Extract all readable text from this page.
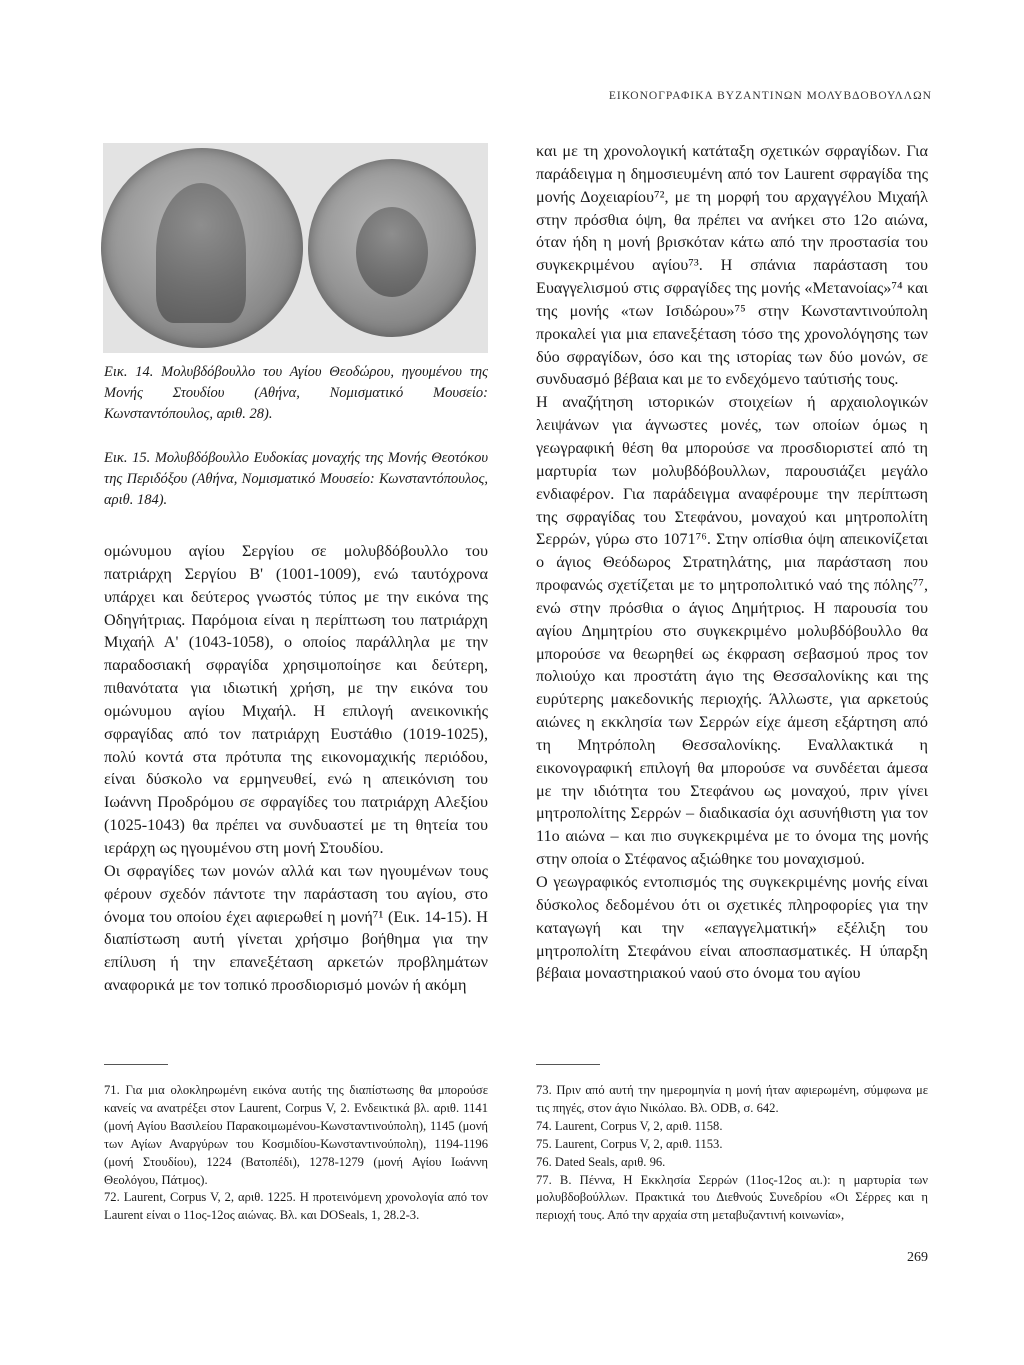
ΕΙΚΟΝΟΓΡΑΦΙΚΑ ΒΥΖΑΝΤΙΝΩΝ ΜΟΛΥΒΔΟΒΟΥΛΛΩΝ

Εικ. 14. Μολυβδόβουλλο του Αγίου Θεοδώρου, ηγουμένου της Μονής Στουδίου (Αθήνα, Νομισματικό Μουσείο: Κωνσταντόπουλος, αριθ. 28).

Εικ. 15. Μολυβδόβουλλο Ευδοκίας μοναχής της Μονής Θεοτόκου της Περιδόξου (Αθήνα, Νομισματικό Μουσείο: Κωνσταντόπουλος, αριθ. 184).

ομώνυμου αγίου Σεργίου σε μολυβδόβουλλο του πατριάρχη Σεργίου Β' (1001-1009), ενώ ταυτόχρονα υπάρχει και δεύτερος γνωστός τύπος με την εικόνα της Οδηγήτριας. Παρόμοια είναι η περίπτωση του πατριάρχη Μιχαήλ Α' (1043-1058), ο οποίος παράλληλα με την παραδοσιακή σφραγίδα χρησιμοποίησε και δεύτερη, πιθανότατα για ιδιωτική χρήση, με την εικόνα του ομώνυμου αγίου Μιχαήλ. Η επιλογή ανεικονικής σφραγίδας από τον πατριάρχη Ευστάθιο (1019-1025), πολύ κοντά στα πρότυπα της εικονομαχικής περιόδου, είναι δύσκολο να ερμηνευθεί, ενώ η απεικόνιση του Ιωάννη Προδρόμου σε σφραγίδες του πατριάρχη Αλεξίου (1025-1043) θα πρέπει να συνδυαστεί με τη θητεία του ιεράρχη ως ηγουμένου στη μονή Στουδίου.

Οι σφραγίδες των μονών αλλά και των ηγουμένων τους φέρουν σχεδόν πάντοτε την παράσταση του αγίου, στο όνομα του οποίου έχει αφιερωθεί η μονή⁷¹ (Εικ. 14-15). Η διαπίστωση αυτή γίνεται χρήσιμο βοήθημα για την επίλυση ή την επανεξέταση αρκετών προβλημάτων αναφορικά με τον τοπικό προσδιορισμό μονών ή ακόμη

και με τη χρονολογική κατάταξη σχετικών σφραγίδων. Για παράδειγμα η δημοσιευμένη από τον Laurent σφραγίδα της μονής Δοχειαρίου⁷², με τη μορφή του αρχαγγέλου Μιχαήλ στην πρόσθια όψη, θα πρέπει να ανήκει στο 12ο αιώνα, όταν ήδη η μονή βρισκόταν κάτω από την προστασία του συγκεκριμένου αγίου⁷³. Η σπάνια παράσταση του Ευαγγελισμού στις σφραγίδες της μονής «Μετανοίας»⁷⁴ και της μονής «των Ισιδώρου»⁷⁵ στην Κωνσταντινούπολη προκαλεί για μια επανεξέταση τόσο της χρονολόγησης των δύο σφραγίδων, όσο και της ιστορίας των δύο μονών, σε συνδυασμό βέβαια και με το ενδεχόμενο ταύτισής τους.

Η αναζήτηση ιστορικών στοιχείων ή αρχαιολογικών λειψάνων για άγνωστες μονές, των οποίων όμως η γεωγραφική θέση θα μπορούσε να προσδιοριστεί από τη μαρτυρία των μολυβδόβουλλων, παρουσιάζει μεγάλο ενδιαφέρον. Για παράδειγμα αναφέρουμε την περίπτωση της σφραγίδας του Στεφάνου, μοναχού και μητροπολίτη Σερρών, γύρω στο 1071⁷⁶. Στην οπίσθια όψη απεικονίζεται ο άγιος Θεόδωρος Στρατηλάτης, μια παράσταση που προφανώς σχετίζεται με το μητροπολιτικό ναό της πόλης⁷⁷, ενώ στην πρόσθια ο άγιος Δημήτριος. Η παρουσία του αγίου Δημητρίου στο συγκεκριμένο μολυβδόβουλλο θα μπορούσε να θεωρηθεί ως έκφραση σεβασμού προς τον πολιούχο και προστάτη άγιο της Θεσσαλονίκης και της ευρύτερης μακεδονικής περιοχής. Άλλωστε, για αρκετούς αιώνες η εκκλησία των Σερρών είχε άμεση εξάρτηση από τη Μητρόπολη Θεσσαλονίκης. Εναλλακτικά η εικονογραφική επιλογή θα μπορούσε να συνδέεται άμεσα με την ιδιότητα του Στεφάνου ως μοναχού, πριν γίνει μητροπολίτης Σερρών – διαδικασία όχι ασυνήθιστη για τον 11ο αιώνα – και πιο συγκεκριμένα με το όνομα της μονής στην οποία ο Στέφανος αξιώθηκε του μοναχισμού.

Ο γεωγραφικός εντοπισμός της συγκεκριμένης μονής είναι δύσκολος δεδομένου ότι οι σχετικές πληροφορίες για την καταγωγή και την «επαγγελματική» εξέλιξη του μητροπολίτη Στεφάνου είναι αποσπασματικές. Η ύπαρξη βέβαια μοναστηριακού ναού στο όνομα του αγίου

71. Για μια ολοκληρωμένη εικόνα αυτής της διαπίστωσης θα μπορούσε κανείς να ανατρέξει στον Laurent, Corpus V, 2. Ενδεικτικά βλ. αριθ. 1141 (μονή Αγίου Βασιλείου Παρακοιμωμένου-Κωνσταντινούπολη), 1145 (μονή των Αγίων Αναργύρων του Κοσμιδίου-Κωνσταντινούπολη), 1194-1196 (μονή Στουδίου), 1224 (Βατοπέδι), 1278-1279 (μονή Αγίου Ιωάννη Θεολόγου, Πάτμος).

72. Laurent, Corpus V, 2, αριθ. 1225. Η προτεινόμενη χρονολογία από τον Laurent είναι ο 11ος-12ος αιώνας. Βλ. και DOSeals, 1, 28.2-3.

73. Πριν από αυτή την ημερομηνία η μονή ήταν αφιερωμένη, σύμφωνα με τις πηγές, στον άγιο Νικόλαο. Βλ. ODB, σ. 642.

74. Laurent, Corpus V, 2, αριθ. 1158.

75. Laurent, Corpus V, 2, αριθ. 1153.

76. Dated Seals, αριθ. 96.

77. Β. Πέννα, Η Εκκλησία Σερρών (11ος-12ος αι.): η μαρτυρία των μολυβδοβούλλων. Πρακτικά του Διεθνούς Συνεδρίου «Οι Σέρρες και η περιοχή τους. Από την αρχαία στη μεταβυζαντινή κοινωνία»,

269
